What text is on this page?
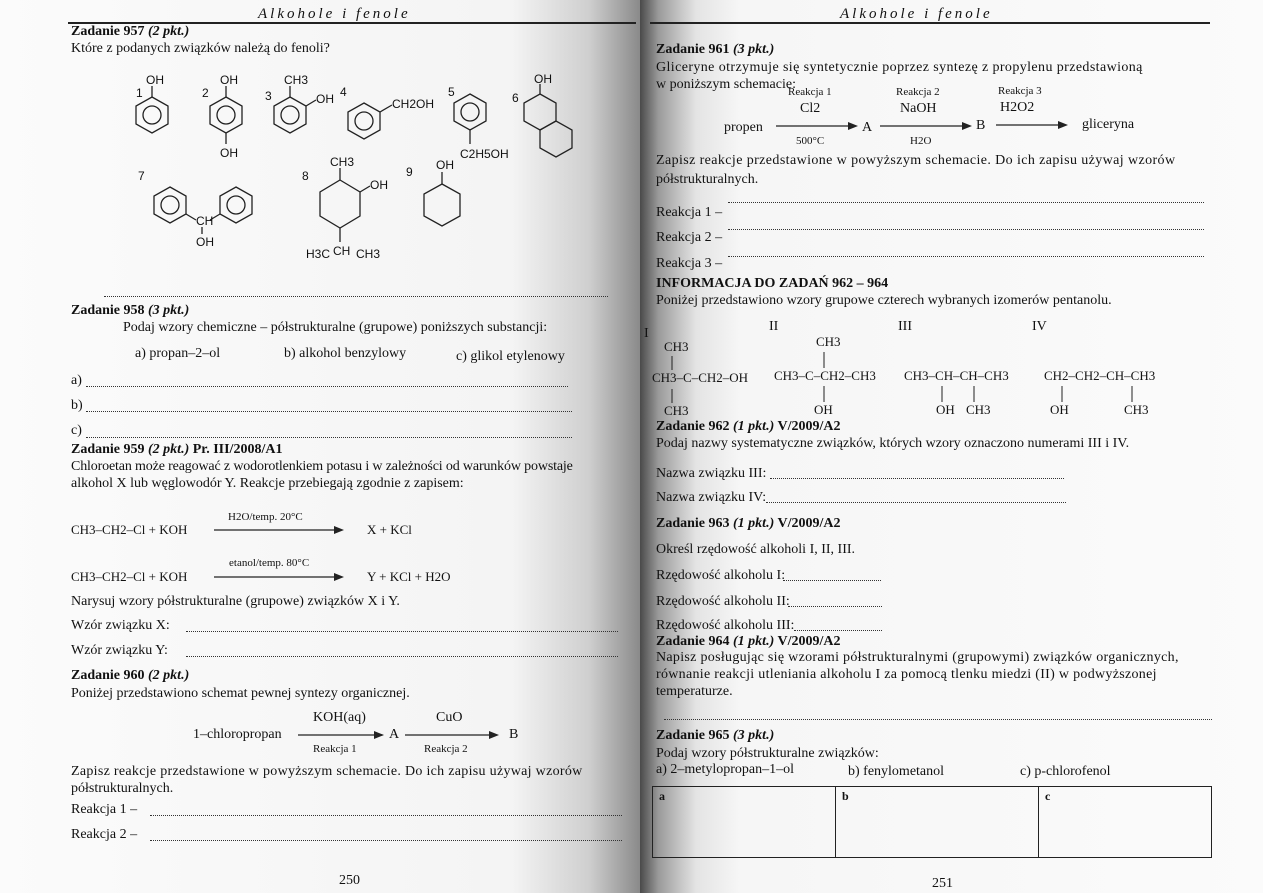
Alkohole i fenole
Zadanie 957 (2 pkt.)
Które z podanych związków należą do fenoli?
1
OH
2
OH
OH
3
CH3
OH 4
CH2OH
5
C2H5OH
6
OH
7
CH
OH
8
CH3
OH
H3C CH CH3
9 OH
Zadanie 958 (3 pkt.)
Podaj wzory chemiczne – półstrukturalne (grupowe) poniższych substancji:
a) propan–2–ol	b) alkohol benzylowy	c) glikol etylenowy
a)
b)
c)
Zadanie 959 (2 pkt.) Pr. III/2008/A1
Chloroetan może reagować z wodorotlenkiem potasu i w zależności od warunków powstaje
alkohol X lub węglowodór Y. Reakcje przebiegają zgodnie z zapisem:
CH3–CH2–Cl + KOH
H2O/temp. 20°C
X + KCl
CH3–CH2–Cl + KOH
etanol/temp. 80°C
Y + KCl + H2O
Narysuj wzory półstrukturalne (grupowe) związków X i Y.
Wzór związku X:
Wzór związku Y:
Zadanie 960 (2 pkt.)
Poniżej przedstawiono schemat pewnej syntezy organicznej.
1–chloropropan
KOH(aq)
Reakcja 1
A
CuO
Reakcja 2
B
Zapisz reakcje przedstawione w powyższym schemacie. Do ich zapisu używaj wzorów
półstrukturalnych.
Reakcja 1 –
Reakcja 2 –
250
Alkohole i fenole
Zadanie 961 (3 pkt.)
Gliceryne otrzymuje się syntetycznie poprzez syntezę z propylenu przedstawioną
w poniższym schemacie:
propen
Reakcja 1
Cl2
500°C
A
Reakcja 2
NaOH
H2O
B
Reakcja 3
H2O2
gliceryna
Zapisz reakcje przedstawione w powyższym schemacie. Do ich zapisu używaj wzorów
półstrukturalnych.
Reakcja 1 –
Reakcja 2 –
Reakcja 3 –
INFORMACJA DO ZADAŃ 962 – 964
Poniżej przedstawiono wzory grupowe czterech wybranych izomerów pentanolu.
I	II	III	IV
CH3
CH3–C–CH2–OH
CH3
CH3
CH3–C–CH2–CH3
OH
CH3–CH–CH–CH3
OH CH3
CH2–CH2–CH–CH3
OH	CH3
Zadanie 962 (1 pkt.) V/2009/A2
Podaj nazwy systematyczne związków, których wzory oznaczono numerami III i IV.
Nazwa związku III:
Nazwa związku IV:
Zadanie 963 (1 pkt.) V/2009/A2
Określ rzędowość alkoholi I, II, III.
Rzędowość alkoholu I:
Rzędowość alkoholu II:
Rzędowość alkoholu III:
Zadanie 964 (1 pkt.) V/2009/A2
Napisz posługując się wzorami półstrukturalnymi (grupowymi) związków organicznych,
równanie reakcji utleniania alkoholu I za pomocą tlenku miedzi (II) w podwyższonej
temperaturze.
Zadanie 965 (3 pkt.)
Podaj wzory półstrukturalne związków:
a) 2–metylopropan–1–ol	b) fenylometanol	c) p-chlorofenol
a	b	c
251
